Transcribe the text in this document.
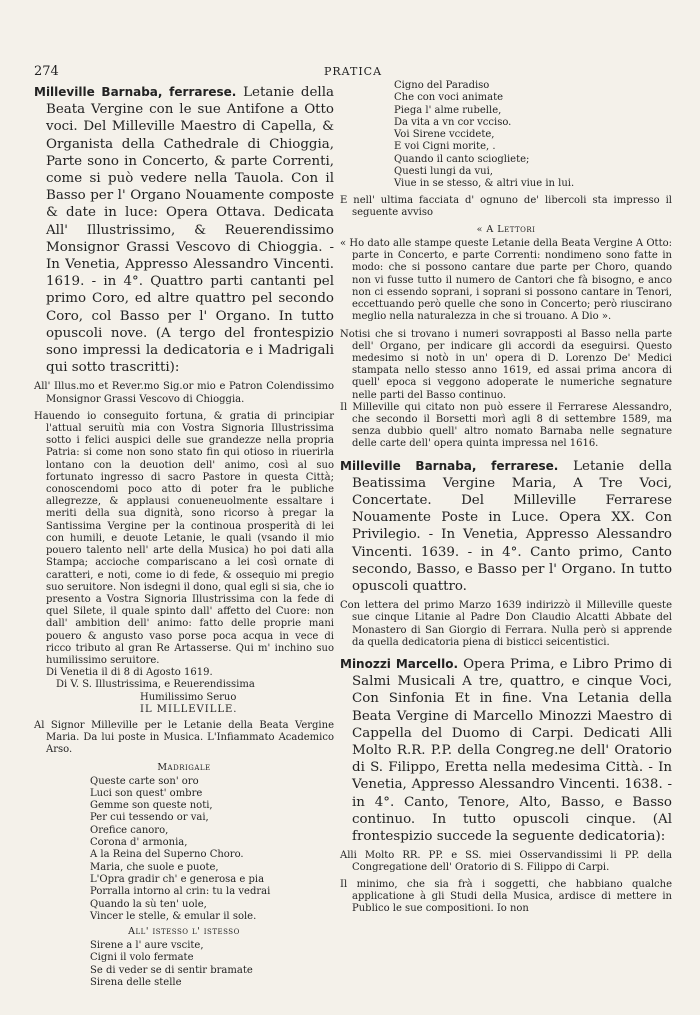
274	PRATICA

Milleville Barnaba, ferrarese. Letanie della Beata Vergine con le sue Antifone a Otto voci. Del Milleville Maestro di Capella, & Organista della Cathedrale di Chioggia, Parte sono in Concerto, & parte Correnti, come si può vedere nella Tauola. Con il Basso per l' Organo Nouamente composte & date in luce: Opera Ottava. Dedicata All' Illustrissimo, & Reuerendissimo Monsignor Grassi Vescovo di Chioggia. - In Venetia, Appresso Alessandro Vincenti. 1619. - in 4°. Quattro parti cantanti pel primo Coro, ed altre quattro pel secondo Coro, col Basso per l' Organo. In tutto opuscoli nove. (A tergo del frontespizio sono impressi la dedicatoria e i Madrigali qui sotto trascritti):

All' Illus.mo et Rever.mo Sig.or mio e Patron Colendissimo Monsignor Grassi Vescovo di Chioggia.

Hauendo io conseguito fortuna, & gratia di principiar l'attual seruitù mia con Vostra Signoria Illustrissima sotto i felici auspici delle sue grandezze nella propria Patria: si come non sono stato fin qui otioso in riuerirla lontano con la deuotion dell' animo, così al suo fortunato ingresso di sacro Pastore in questa Città; conoscendomi poco atto di poter fra le publiche allegrezze, & applausi conueneuolmente essaltare i meriti della sua dignità, sono ricorso à pregar la Santissima Vergine per la continoua prosperità di lei con humili, e deuote Letanie, le quali (vsando il mio pouero talento nell' arte della Musica) ho poi dati alla Stampa; accioche compariscano a lei così ornate di caratteri, e noti, come io di fede, & ossequio mi pregio suo seruitore. Non isdegni il dono, qual egli si sia, che io presento a Vostra Signoria Illustrissima con la fede di quel Silete, il quale spinto dall' affetto del Cuore: non dall' ambition dell' animo: fatto delle proprie mani pouero & angusto vaso porse poca acqua in vece di ricco tributo al gran Re Artasserse. Qui m' inchino suo humilissimo seruitore.

Di Venetia il di 8 di Agosto 1619.

Di V. S. Illustrissima, e Reuerendissima

Humilissimo Seruo

IL MILLEVILLE.

Al Signor Milleville per le Letanie della Beata Vergine Maria. Da lui poste in Musica. L'Infiammato Academico Arso.

Madrigale
Queste carte son' oro
Luci son quest' ombre
Gemme son queste noti,
Per cui tessendo or vai,
Orefice canoro,
Corona d' armonia,
A la Reina del Superno Choro.
Maria, che suole e puote,
L'Opra gradir ch' e generosa e pia
Porralla intorno al crin: tu la vedrai
Quando la sù ten' uole,
Vincer le stelle, & emular il sole.
All' istesso l' istesso
Sirene a l' aure vscite,
Cigni il volo fermate
Se di veder se di sentir bramate
Sirena delle stelle
Cigno del Paradiso
Che con voci animate
Piega l' alme rubelle,
Da vita a vn cor vcciso.
Voi Sirene vccidete,
E voi Cigni morite, .
Quando il canto sciogliete;
Questi lungi da vui,
Viue in se stesso, & altri viue in lui.

E nell' ultima facciata d' ognuno de' libercoli sta impresso il seguente avviso

« A Lettori

« Ho dato alle stampe queste Letanie della Beata Vergine A Otto: parte in Concerto, e parte Correnti: nondimeno sono fatte in modo: che si possono cantare due parte per Choro, quando non vi fusse tutto il numero de Cantori che fà bisogno, e anco non ci essendo soprani, i soprani si possono cantare in Tenori, eccettuando però quelle che sono in Concerto; però riuscirano meglio nella naturalezza in che si trouano. A Dio ».

Notisi che si trovano i numeri sovrapposti al Basso nella parte dell' Organo, per indicare gli accordi da eseguirsi. Questo medesimo si notò in un' opera di D. Lorenzo De' Medici stampata nello stesso anno 1619, ed assai prima ancora di quell' epoca si veggono adoperate le numeriche segnature nelle parti del Basso continuo.

Il Milleville qui citato non può essere il Ferrarese Alessandro, che secondo il Borsetti morì agli 8 di settembre 1589, ma senza dubbio quell' altro nomato Barnaba nelle segnature delle carte dell' opera quinta impressa nel 1616.

Milleville Barnaba, ferrarese. Letanie della Beatissima Vergine Maria, A Tre Voci, Concertate. Del Milleville Ferrarese Nouamente Poste in Luce. Opera XX. Con Privilegio. - In Venetia, Appresso Alessandro Vincenti. 1639. - in 4°. Canto primo, Canto secondo, Basso, e Basso per l' Organo. In tutto opuscoli quattro.

Con lettera del primo Marzo 1639 indirizzò il Milleville queste sue cinque Litanie al Padre Don Claudio Alcatti Abbate del Monastero di San Giorgio di Ferrara. Nulla però si apprende da quella dedicatoria piena di bisticci seicentistici.

Minozzi Marcello. Opera Prima, e Libro Primo di Salmi Musicali A tre, quattro, e cinque Voci, Con Sinfonia Et in fine. Vna Letania della Beata Vergine di Marcello Minozzi Maestro di Cappella del Duomo di Carpi. Dedicati Alli Molto R.R. P.P. della Congreg.ne dell' Oratorio di S. Filippo, Eretta nella medesima Città. - In Venetia, Appresso Alessandro Vincenti. 1638. - in 4°. Canto, Tenore, Alto, Basso, e Basso continuo. In tutto opuscoli cinque. (Al frontespizio succede la seguente dedicatoria):

Alli Molto RR. PP. e SS. miei Osservandissimi li PP. della Congregatione dell' Oratorio di S. Filippo di Carpi.

Il minimo, che sia frà i soggetti, che habbiano qualche applicatione à gli Studi della Musica, ardisce di mettere in Publico le sue compositioni. Io non
